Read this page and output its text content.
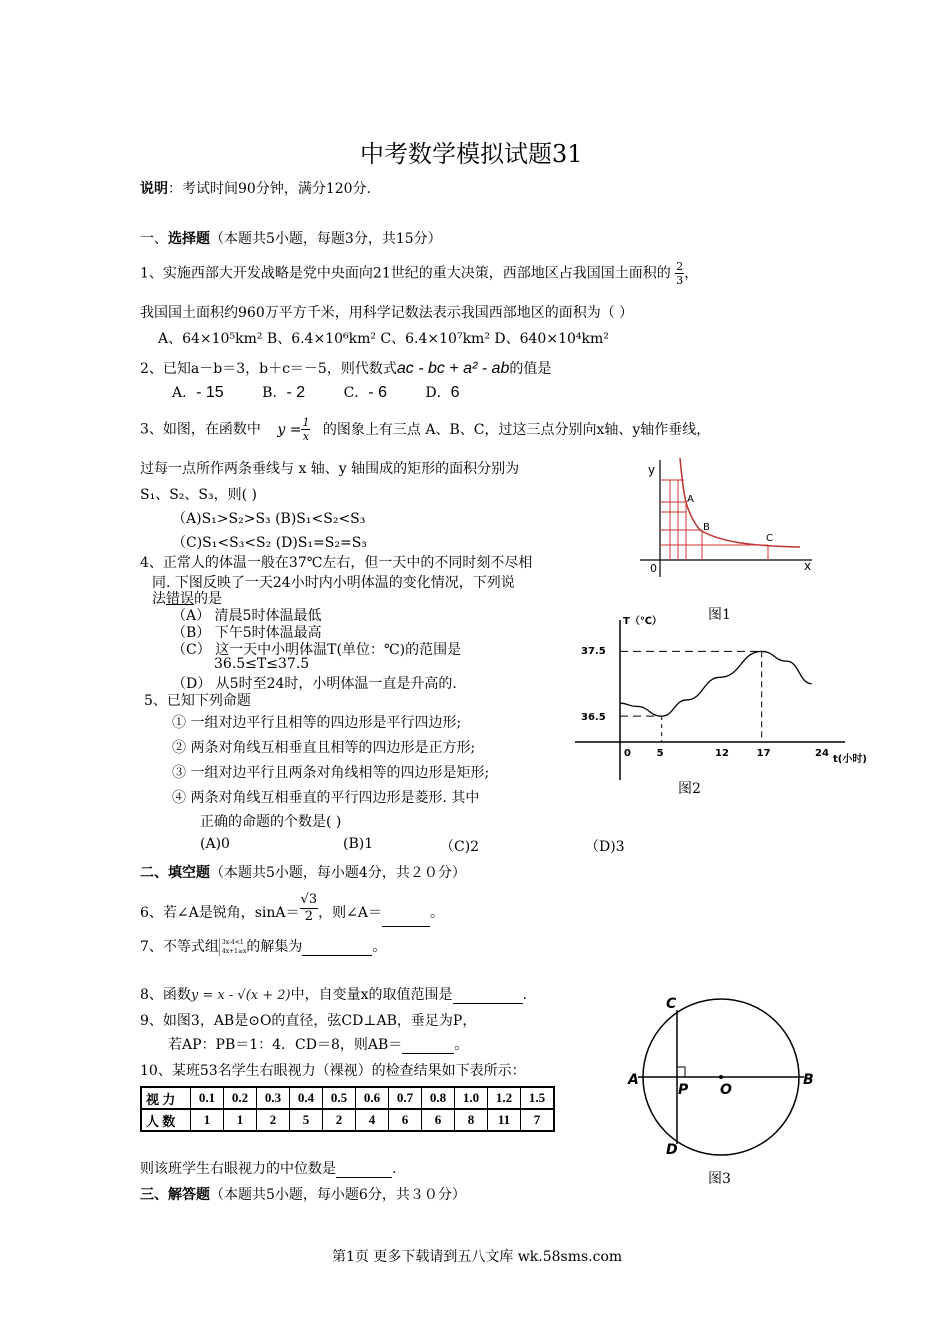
中考数学模拟试题31
说明：考试时间90分钟，满分120分.
一、选择题（本题共5小题，每题3分，共15分）
1、实施西部大开发战略是党中央面向21世纪的重大决策，西部地区占我国国土面积的 $\frac{2}{3}$ ，
我国国土面积约960万平方千米，用科学记数法表示我国西部地区的面积为（ ）
A、64×10⁵km² B、6.4×10⁶km² C、6.4×10⁷km² D、640×10⁴km²
2、已知a－b＝3，b＋c＝－5，则代数式ac - bc + a² - ab的值是
A．- 15	B．- 2	C．- 6	D．6
3、如图，在函数中 $y = \frac{1}{x}$ 的图象上有三点 A、B、C，过这三点分别向x轴、y轴作垂线，
过每一点所作两条垂线与 x 轴、y 轴围成的矩形的面积分别为
S₁、S₂、S₃，则( )
（A)S₁>S₂>S₃ (B)S₁<S₂<S₃
（C)S₁<S₃<S₂ (D)S₁=S₂=S₃
4、正常人的体温一般在37℃左右，但一天中的不同时刻不尽相
同. 下图反映了一天24小时内小明体温的变化情况，下列说
法错误的是
（A） 清晨5时体温最低
（B） 下午5时体温最高
（C） 这一天中小明体温T(单位：℃)的范围是
36.5≤T≤37.5
（D） 从5时至24时，小明体温一直是升高的.
5、已知下列命题
① 一组对边平行且相等的四边形是平行四边形;
② 两条对角线互相垂直且相等的四边形是正方形;
③ 一组对边平行且两条对角线相等的四边形是矩形;
④ 两条对角线互相垂直的平行四边形是菱形. 其中
正确的命题的个数是( )
(A)0	(B)1	（C)2	（D)3
二、填空题（本题共5小题，每小题4分，共２０分）
6、若∠A是锐角，$\sin A= \frac{√3}{2}$ ，则∠A＝	。
7、不等式组 3x-4<1
4x+1≥x 的解集为	。
8、函数y = x - √(x + 2)中，自变量x的取值范围是	.
9、如图3，AB是⊙O的直径，弦CD⊥AB，垂足为P，
若AP：PB＝1：4．CD＝8，则AB＝	。
10、某班53名学生右眼视力（裸视）的检查结果如下表所示：
视 力	0.1	0.2	0.3	0.4	0.5	0.6	0.7	0.8	1.0	1.2	1.5
人 数	1	1	2	5	2	4	6	6	8	11	7
则该班学生右眼视力的中位数是	.
三、解答题（本题共5小题，每小题6分，共３０分）
第1页 更多下载请到五八文库 wk.58sms.com
y
x
0
A
B
C
图1
T（℃）
t(小时)
37.5
36.5
0	5	12	17	24
图2
C
D
A	B
P O
图3
